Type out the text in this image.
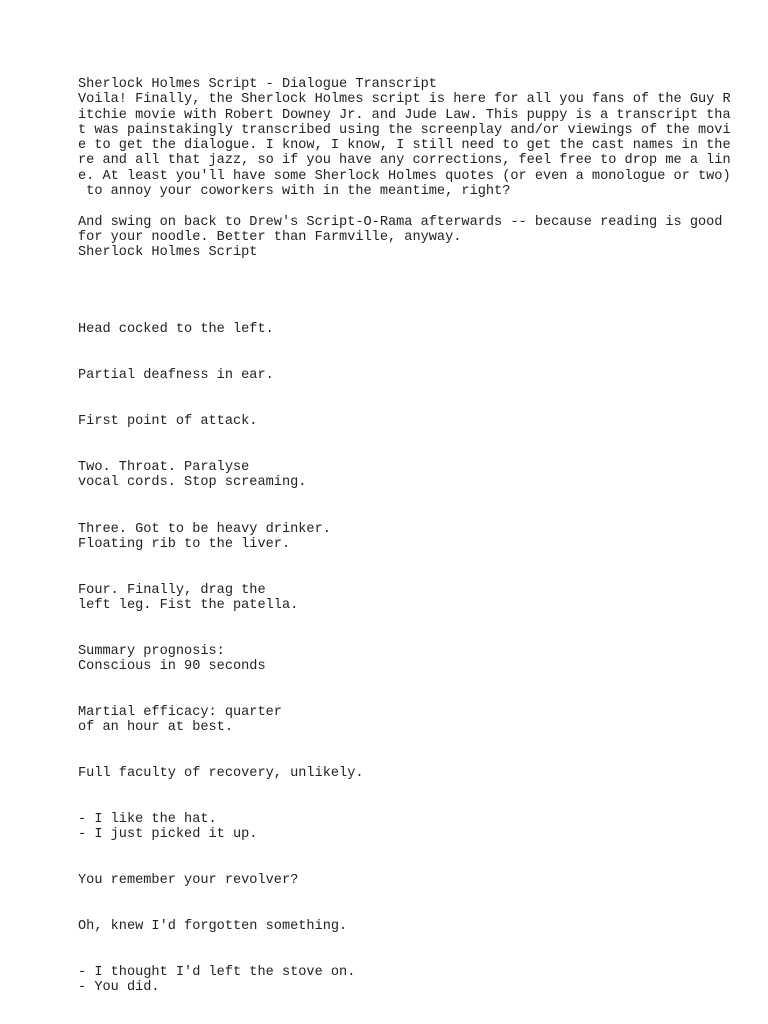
Sherlock Holmes Script - Dialogue Transcript
Voila! Finally, the Sherlock Holmes script is here for all you fans of the Guy R
itchie movie with Robert Downey Jr. and Jude Law. This puppy is a transcript tha
t was painstakingly transcribed using the screenplay and/or viewings of the movi
e to get the dialogue. I know, I know, I still need to get the cast names in the
re and all that jazz, so if you have any corrections, feel free to drop me a lin
e. At least you'll have some Sherlock Holmes quotes (or even a monologue or two)
to annoy your coworkers with in the meantime, right?
And swing on back to Drew's Script-O-Rama afterwards -- because reading is good
for your noodle. Better than Farmville, anyway.
Sherlock Holmes Script
Head cocked to the left.
Partial deafness in ear.
First point of attack.
Two. Throat. Paralyse
vocal cords. Stop screaming.
Three. Got to be heavy drinker.
Floating rib to the liver.
Four. Finally, drag the
left leg. Fist the patella.
Summary prognosis:
Conscious in 90 seconds
Martial efficacy: quarter
of an hour at best.
Full faculty of recovery, unlikely.
- I like the hat.
- I just picked it up.
You remember your revolver?
Oh, knew I'd forgotten something.
- I thought I'd left the stove on.
- You did.
